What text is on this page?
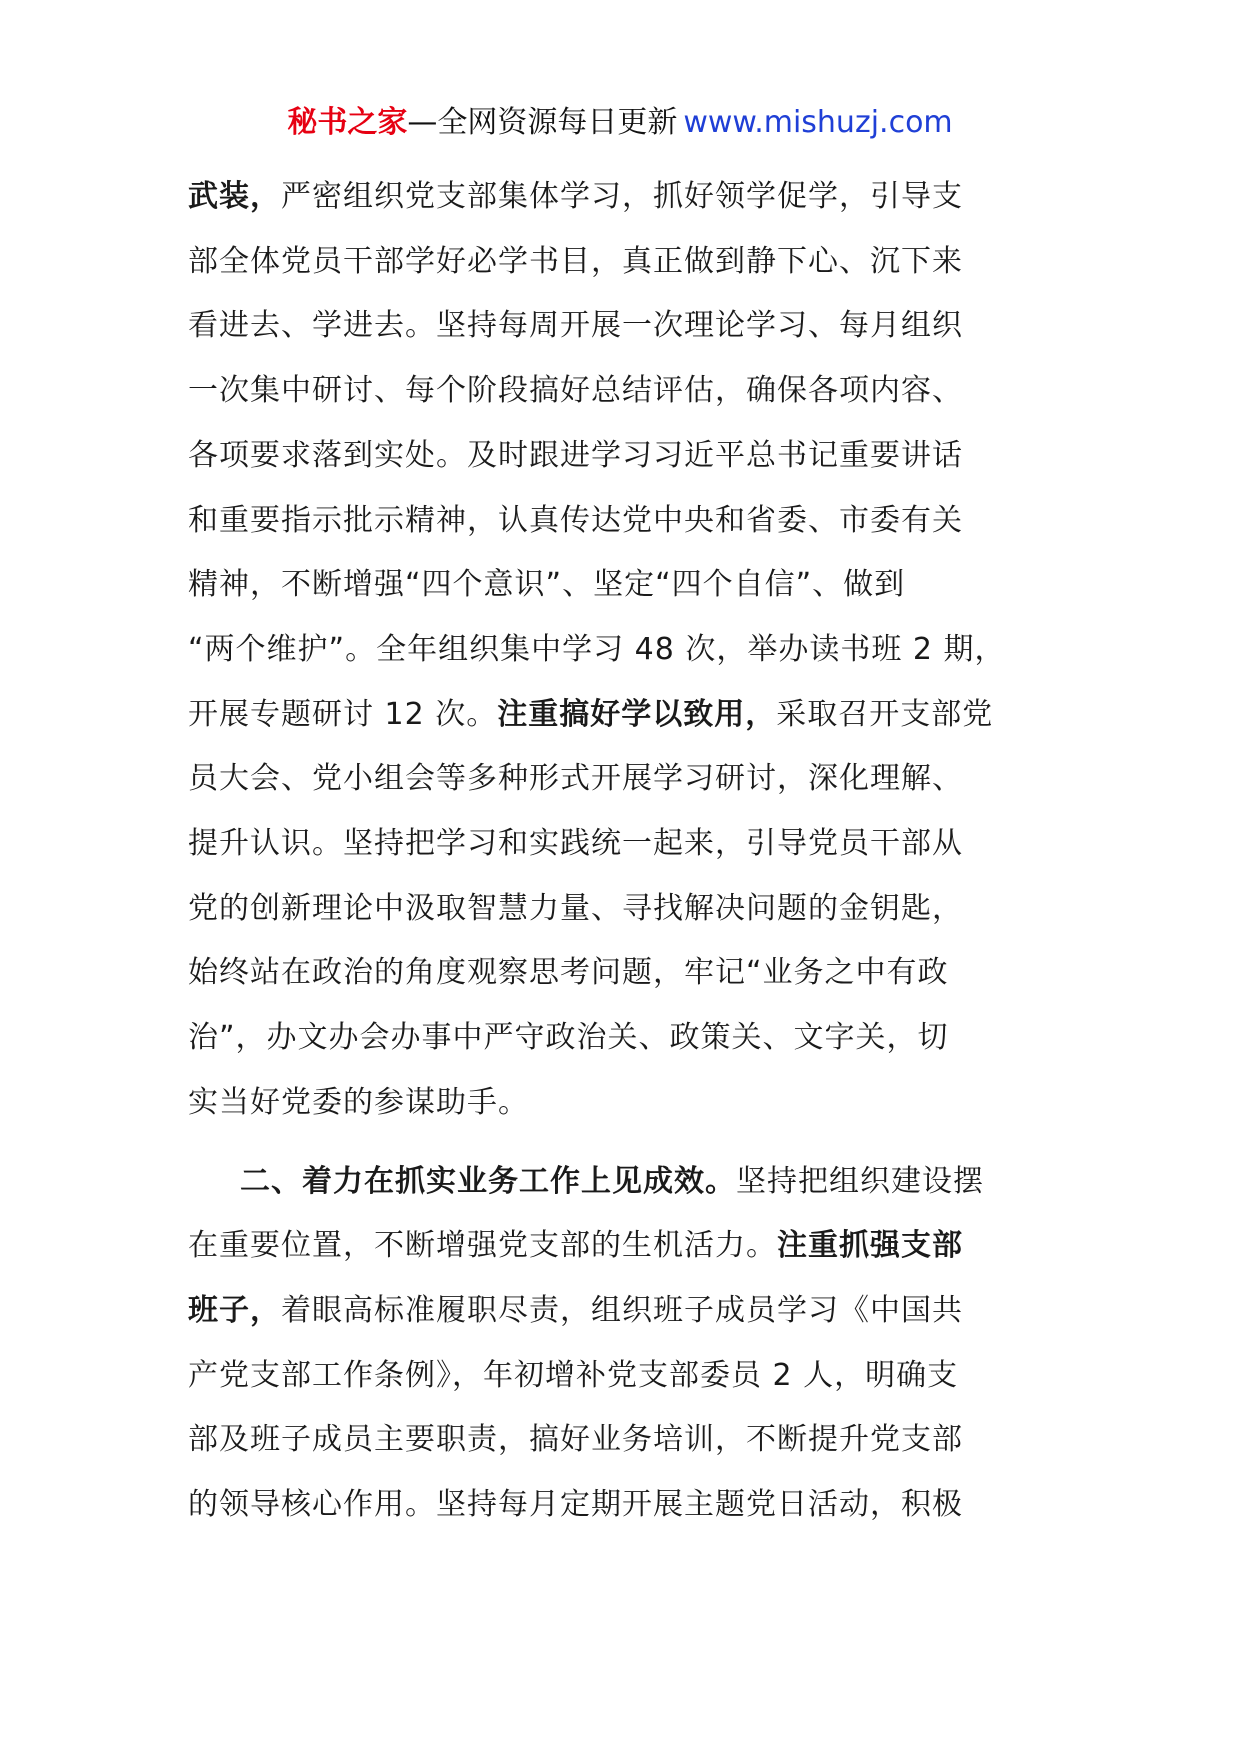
秘书之家—全网资源每日更新 www.mishuzj.com
武装，严密组织党支部集体学习，抓好领学促学，引导支
部全体党员干部学好必学书目，真正做到静下心、沉下来
看进去、学进去。坚持每周开展一次理论学习、每月组织
一次集中研讨、每个阶段搞好总结评估，确保各项内容、
各项要求落到实处。及时跟进学习习近平总书记重要讲话
和重要指示批示精神，认真传达党中央和省委、市委有关
精神，不断增强“四个意识”、坚定“四个自信”、做到
“两个维护”。全年组织集中学习 48 次，举办读书班 2 期，
开展专题研讨 12 次。注重搞好学以致用，采取召开支部党
员大会、党小组会等多种形式开展学习研讨，深化理解、
提升认识。坚持把学习和实践统一起来，引导党员干部从
党的创新理论中汲取智慧力量、寻找解决问题的金钥匙，
始终站在政治的角度观察思考问题，牢记“业务之中有政
治”，办文办会办事中严守政治关、政策关、文字关，切
实当好党委的参谋助手。
二、着力在抓实业务工作上见成效。坚持把组织建设摆
在重要位置，不断增强党支部的生机活力。注重抓强支部
班子，着眼高标准履职尽责，组织班子成员学习《中国共
产党支部工作条例》，年初增补党支部委员 2 人，明确支
部及班子成员主要职责，搞好业务培训，不断提升党支部
的领导核心作用。坚持每月定期开展主题党日活动，积极
